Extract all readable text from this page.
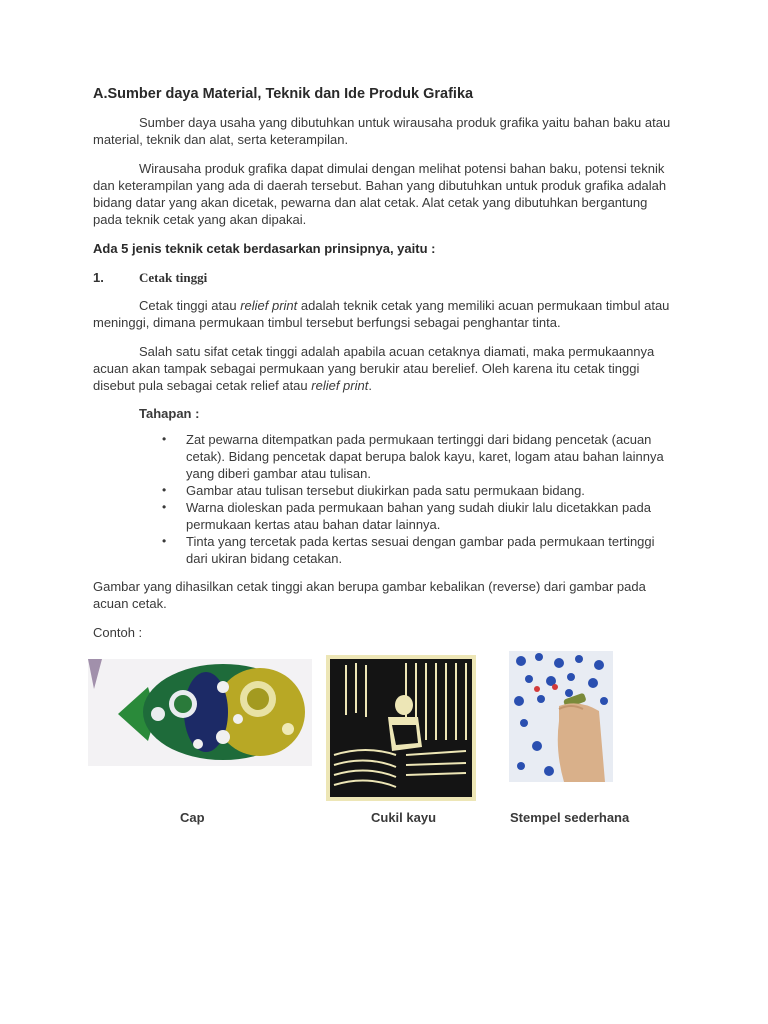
A.Sumber daya Material, Teknik dan Ide Produk Grafika

Sumber daya usaha yang dibutuhkan untuk wirausaha produk grafika yaitu bahan baku atau material, teknik dan alat, serta keterampilan.

Wirausaha produk grafika dapat dimulai dengan melihat potensi bahan baku, potensi teknik dan keterampilan yang ada di daerah tersebut. Bahan yang dibutuhkan untuk produk grafika adalah bidang datar yang akan dicetak, pewarna dan alat cetak. Alat cetak yang dibutuhkan bergantung pada teknik cetak yang akan dipakai.

Ada 5 jenis teknik cetak berdasarkan prinsipnya, yaitu :

1.	Cetak tinggi

Cetak tinggi atau relief print adalah teknik cetak yang memiliki acuan permukaan timbul atau meninggi, dimana permukaan timbul tersebut berfungsi sebagai penghantar tinta.

Salah satu sifat cetak tinggi adalah apabila acuan cetaknya diamati, maka permukaannya acuan akan tampak sebagai permukaan yang berukir atau berelief. Oleh karena itu cetak tinggi disebut pula sebagai cetak relief atau relief print.

Tahapan :
• Zat pewarna ditempatkan pada permukaan tertinggi dari bidang pencetak (acuan cetak). Bidang pencetak dapat berupa balok kayu, karet, logam atau bahan lainnya yang diberi gambar atau tulisan.
• Gambar atau tulisan tersebut diukirkan pada satu permukaan bidang.
• Warna dioleskan pada permukaan bahan yang sudah diukir lalu dicetakkan pada permukaan kertas atau bahan datar lainnya.
• Tinta yang tercetak pada kertas sesuai dengan gambar pada permukaan tertinggi dari ukiran bidang cetakan.

Gambar yang dihasilkan cetak tinggi akan berupa gambar kebalikan (reverse) dari gambar pada acuan cetak.

Contoh :

Cap	Cukil kayu	Stempel sederhana
